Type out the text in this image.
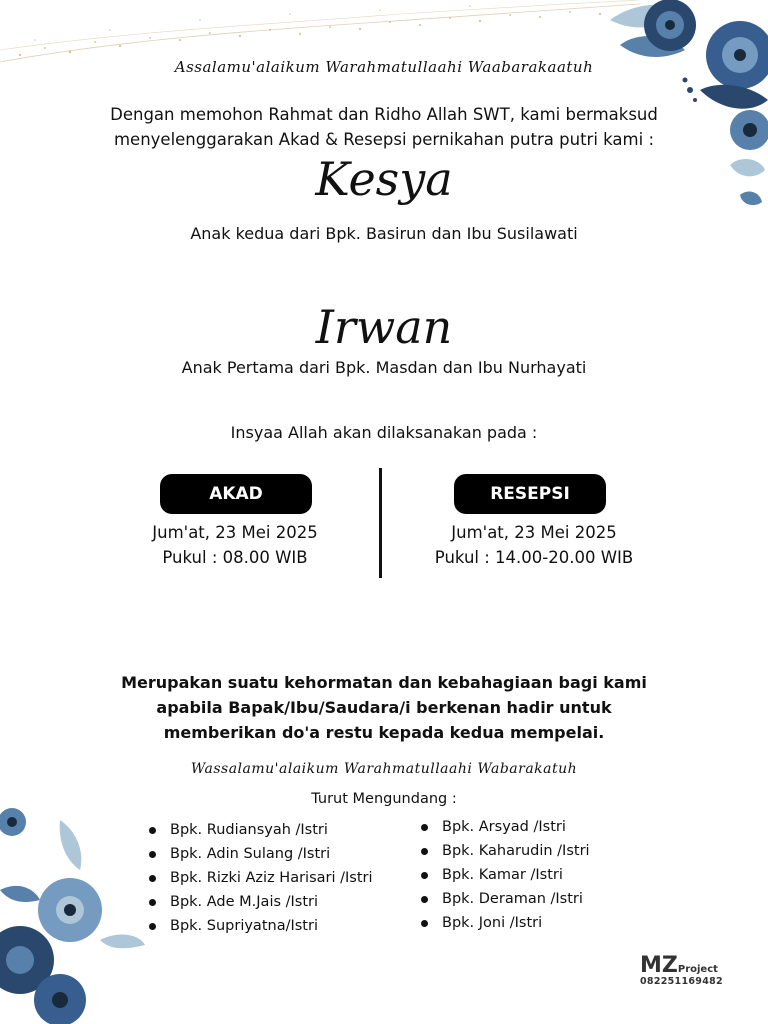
Assalamu'alaikum Warahmatullaahi Waabarakaatuh
Dengan memohon Rahmat dan Ridho Allah SWT, kami bermaksud
menyelenggarakan Akad & Resepsi pernikahan putra putri kami :
Kesya
Anak kedua dari Bpk. Basirun dan Ibu Susilawati
Irwan
Anak Pertama dari Bpk. Masdan dan Ibu Nurhayati
Insyaa Allah akan dilaksanakan pada :
AKAD
Jum'at, 23 Mei 2025
Pukul : 08.00 WIB
RESEPSI
Jum'at, 23 Mei 2025
Pukul : 14.00-20.00 WIB
Merupakan suatu kehormatan dan kebahagiaan bagi kami
apabila Bapak/Ibu/Saudara/i berkenan hadir untuk
memberikan do'a restu kepada kedua mempelai.
Wassalamu'alaikum Warahmatullaahi Wabarakatuh
Turut Mengundang :
Bpk. Rudiansyah /Istri
Bpk. Adin Sulang /Istri
Bpk. Rizki Aziz Harisari /Istri
Bpk. Ade M.Jais /Istri
Bpk. Supriyatna/Istri
Bpk. Arsyad /Istri
Bpk. Kaharudin /Istri
Bpk. Kamar /Istri
Bpk. Deraman /Istri
Bpk. Joni /Istri
MZProject
082251169482
